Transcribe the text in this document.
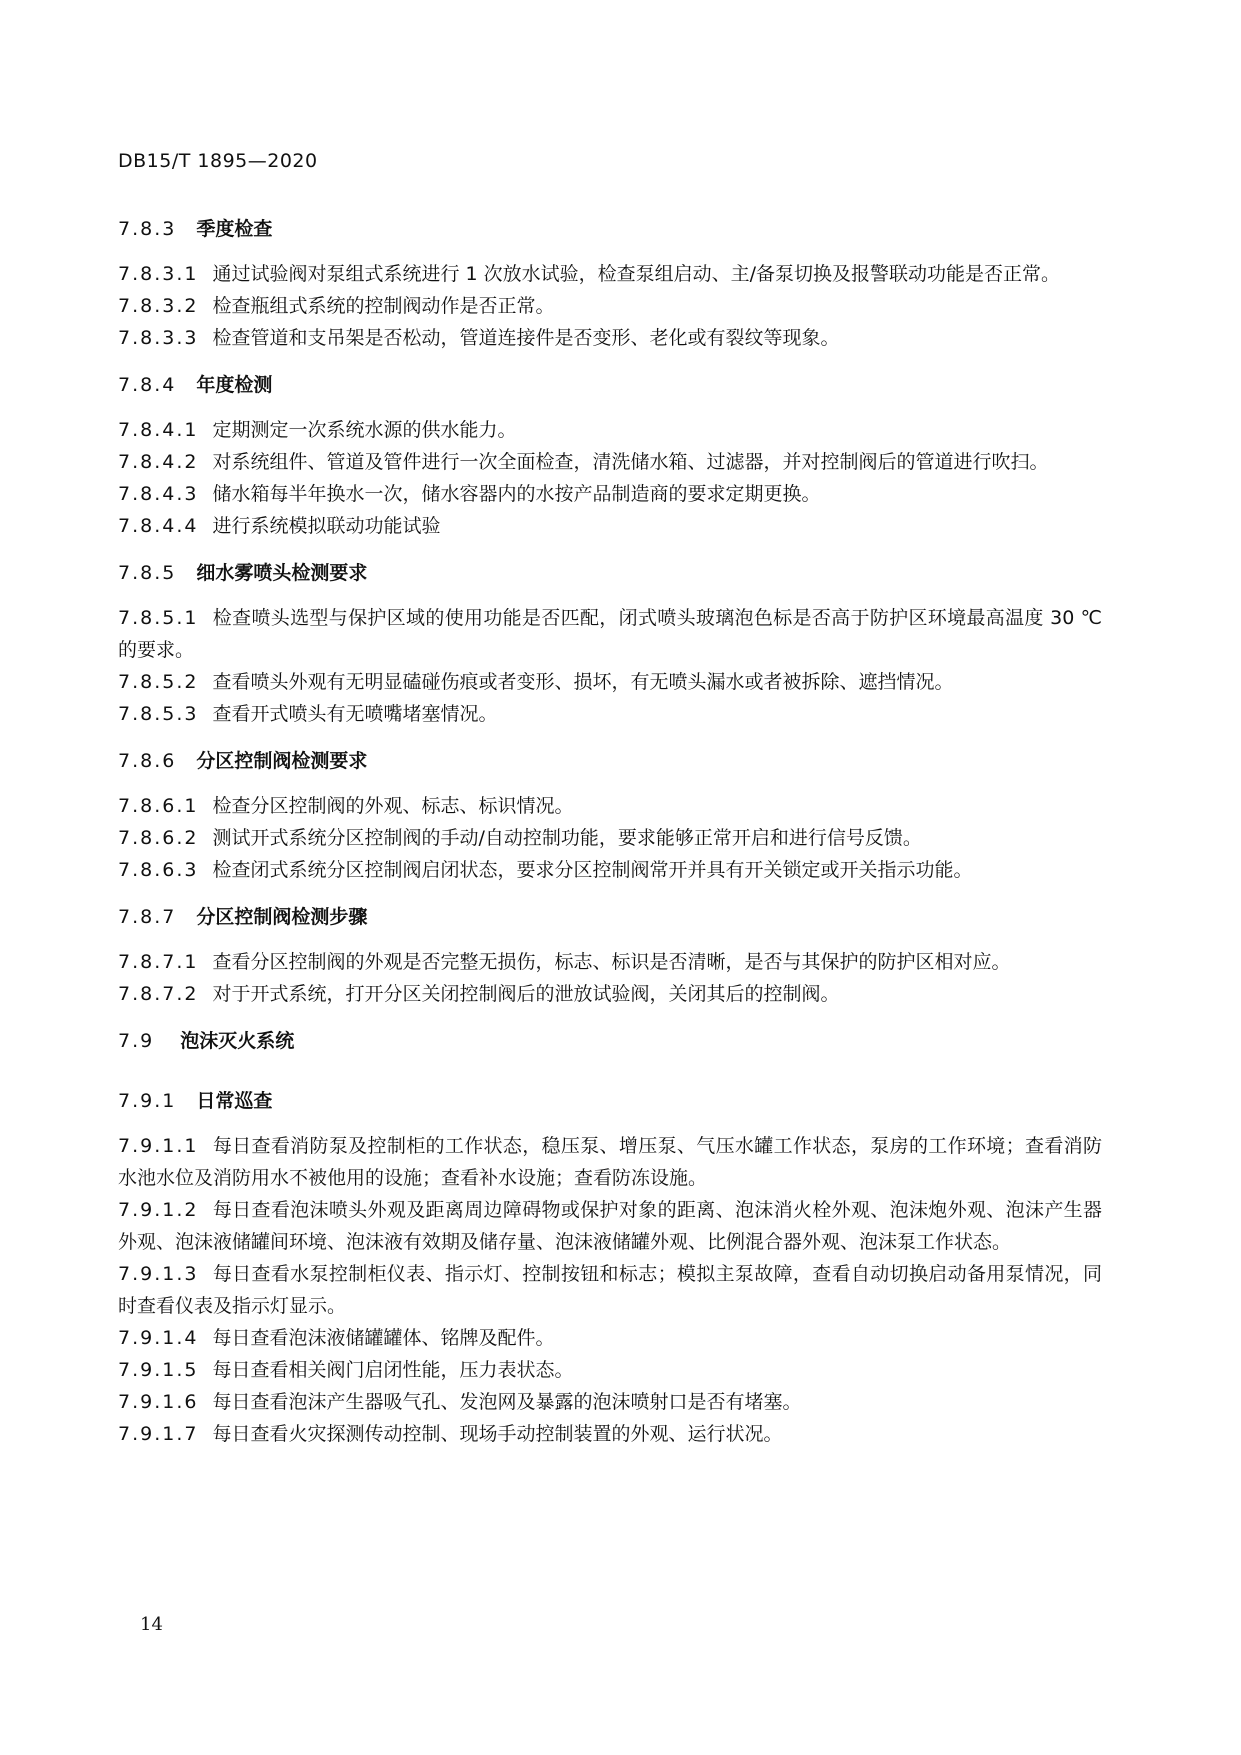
DB15/T 1895—2020
7.8.3 季度检查
7.8.3.1 通过试验阀对泵组式系统进行 1 次放水试验，检查泵组启动、主/备泵切换及报警联动功能是否正常。
7.8.3.2 检查瓶组式系统的控制阀动作是否正常。
7.8.3.3 检查管道和支吊架是否松动，管道连接件是否变形、老化或有裂纹等现象。
7.8.4 年度检测
7.8.4.1 定期测定一次系统水源的供水能力。
7.8.4.2 对系统组件、管道及管件进行一次全面检查，清洗储水箱、过滤器，并对控制阀后的管道进行吹扫。
7.8.4.3 储水箱每半年换水一次，储水容器内的水按产品制造商的要求定期更换。
7.8.4.4 进行系统模拟联动功能试验
7.8.5 细水雾喷头检测要求
7.8.5.1 检查喷头选型与保护区域的使用功能是否匹配，闭式喷头玻璃泡色标是否高于防护区环境最高温度 30 ℃的要求。
7.8.5.2 查看喷头外观有无明显磕碰伤痕或者变形、损坏，有无喷头漏水或者被拆除、遮挡情况。
7.8.5.3 查看开式喷头有无喷嘴堵塞情况。
7.8.6 分区控制阀检测要求
7.8.6.1 检查分区控制阀的外观、标志、标识情况。
7.8.6.2 测试开式系统分区控制阀的手动/自动控制功能，要求能够正常开启和进行信号反馈。
7.8.6.3 检查闭式系统分区控制阀启闭状态，要求分区控制阀常开并具有开关锁定或开关指示功能。
7.8.7 分区控制阀检测步骤
7.8.7.1 查看分区控制阀的外观是否完整无损伤，标志、标识是否清晰，是否与其保护的防护区相对应。
7.8.7.2 对于开式系统，打开分区关闭控制阀后的泄放试验阀，关闭其后的控制阀。
7.9 泡沫灭火系统
7.9.1 日常巡查
7.9.1.1 每日查看消防泵及控制柜的工作状态，稳压泵、增压泵、气压水罐工作状态，泵房的工作环境；查看消防水池水位及消防用水不被他用的设施；查看补水设施；查看防冻设施。
7.9.1.2 每日查看泡沫喷头外观及距离周边障碍物或保护对象的距离、泡沫消火栓外观、泡沫炮外观、泡沫产生器外观、泡沫液储罐间环境、泡沫液有效期及储存量、泡沫液储罐外观、比例混合器外观、泡沫泵工作状态。
7.9.1.3 每日查看水泵控制柜仪表、指示灯、控制按钮和标志；模拟主泵故障，查看自动切换启动备用泵情况，同时查看仪表及指示灯显示。
7.9.1.4 每日查看泡沫液储罐罐体、铭牌及配件。
7.9.1.5 每日查看相关阀门启闭性能，压力表状态。
7.9.1.6 每日查看泡沫产生器吸气孔、发泡网及暴露的泡沫喷射口是否有堵塞。
7.9.1.7 每日查看火灾探测传动控制、现场手动控制装置的外观、运行状况。
14
